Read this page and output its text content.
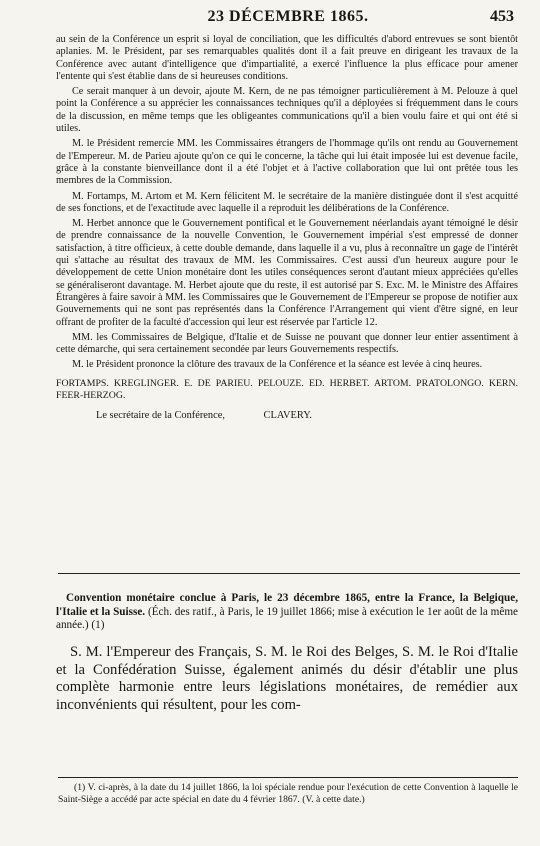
23 DÉCEMBRE 1865.	453

au sein de la Conférence un esprit si loyal de conciliation, que les difficultés d'abord entrevues se sont bientôt aplanies. M. le Président, par ses remarquables qualités dont il a fait preuve en dirigeant les travaux de la Conférence avec autant d'intelligence que d'impartialité, a exercé l'influence la plus efficace pour amener l'entente qui s'est établie dans de si heureuses conditions.

Ce serait manquer à un devoir, ajoute M. Kern, de ne pas témoigner particulièrement à M. Pelouze à quel point la Conférence a su apprécier les connaissances techniques qu'il a déployées si fréquemment dans le cours de la discussion, en même temps que les obligeantes communications qu'il a bien voulu faire et qui ont été si utiles.

M. le Président remercie MM. les Commissaires étrangers de l'hommage qu'ils ont rendu au Gouvernement de l'Empereur. M. de Parieu ajoute qu'on ce qui le concerne, la tâche qui lui était imposée lui est devenue facile, grâce à la constante bienveillance dont il a été l'objet et à l'active collaboration que lui ont prêtée tous les membres de la Commission.

M. Fortamps, M. Artom et M. Kern félicitent M. le secrétaire de la manière distinguée dont il s'est acquitté de ses fonctions, et de l'exactitude avec laquelle il a reproduit les délibérations de la Conférence.

M. Herbet annonce que le Gouvernement pontifical et le Gouvernement néerlandais ayant témoigné le désir de prendre connaissance de la nouvelle Convention, le Gouvernement impérial s'est empressé de donner satisfaction, à titre officieux, à cette double demande, dans laquelle il a vu, plus à reconnaître un gage de l'intérêt qui s'attache au résultat des travaux de MM. les Commissaires. C'est aussi d'un heureux augure pour le développement de cette Union monétaire dont les utiles conséquences seront d'autant mieux appréciées qu'elles se généraliseront davantage. M. Herbet ajoute que du reste, il est autorisé par S. Exc. M. le Ministre des Affaires Étrangères à faire savoir à MM. les Commissaires que le Gouvernement de l'Empereur se propose de notifier aux Gouvernements qui ne sont pas représentés dans la Conférence l'Arrangement qui vient d'être signé, en leur offrant de profiter de la faculté d'accession qui leur est réservée par l'article 12.

MM. les Commissaires de Belgique, d'Italie et de Suisse ne pouvant que donner leur entier assentiment à cette démarche, qui sera certainement secondée par leurs Gouvernements respectifs.

M. le Président prononce la clôture des travaux de la Conférence et la séance est levée à cinq heures.

FORTAMPS. KREGLINGER. E. DE PARIEU. PELOUZE. ED. HERBET. ARTOM. PRATOLONGO. KERN. FEER-HERZOG.
Le secrétaire de la Conférence,	CLAVERY.
Convention monétaire conclue à Paris, le 23 décembre 1865, entre la France, la Belgique, l'Italie et la Suisse. (Éch. des ratif., à Paris, le 19 juillet 1866; mise à exécution le 1er août de la même année.) (1)
S. M. l'Empereur des Français, S. M. le Roi des Belges, S. M. le Roi d'Italie et la Confédération Suisse, également animés du désir d'établir une plus complète harmonie entre leurs législations monétaires, de remédier aux inconvénients qui résultent, pour les com-
(1) V. ci-après, à la date du 14 juillet 1866, la loi spéciale rendue pour l'exécution de cette Convention à laquelle le Saint-Siège a accédé par acte spécial en date du 4 février 1867. (V. à cette date.)
